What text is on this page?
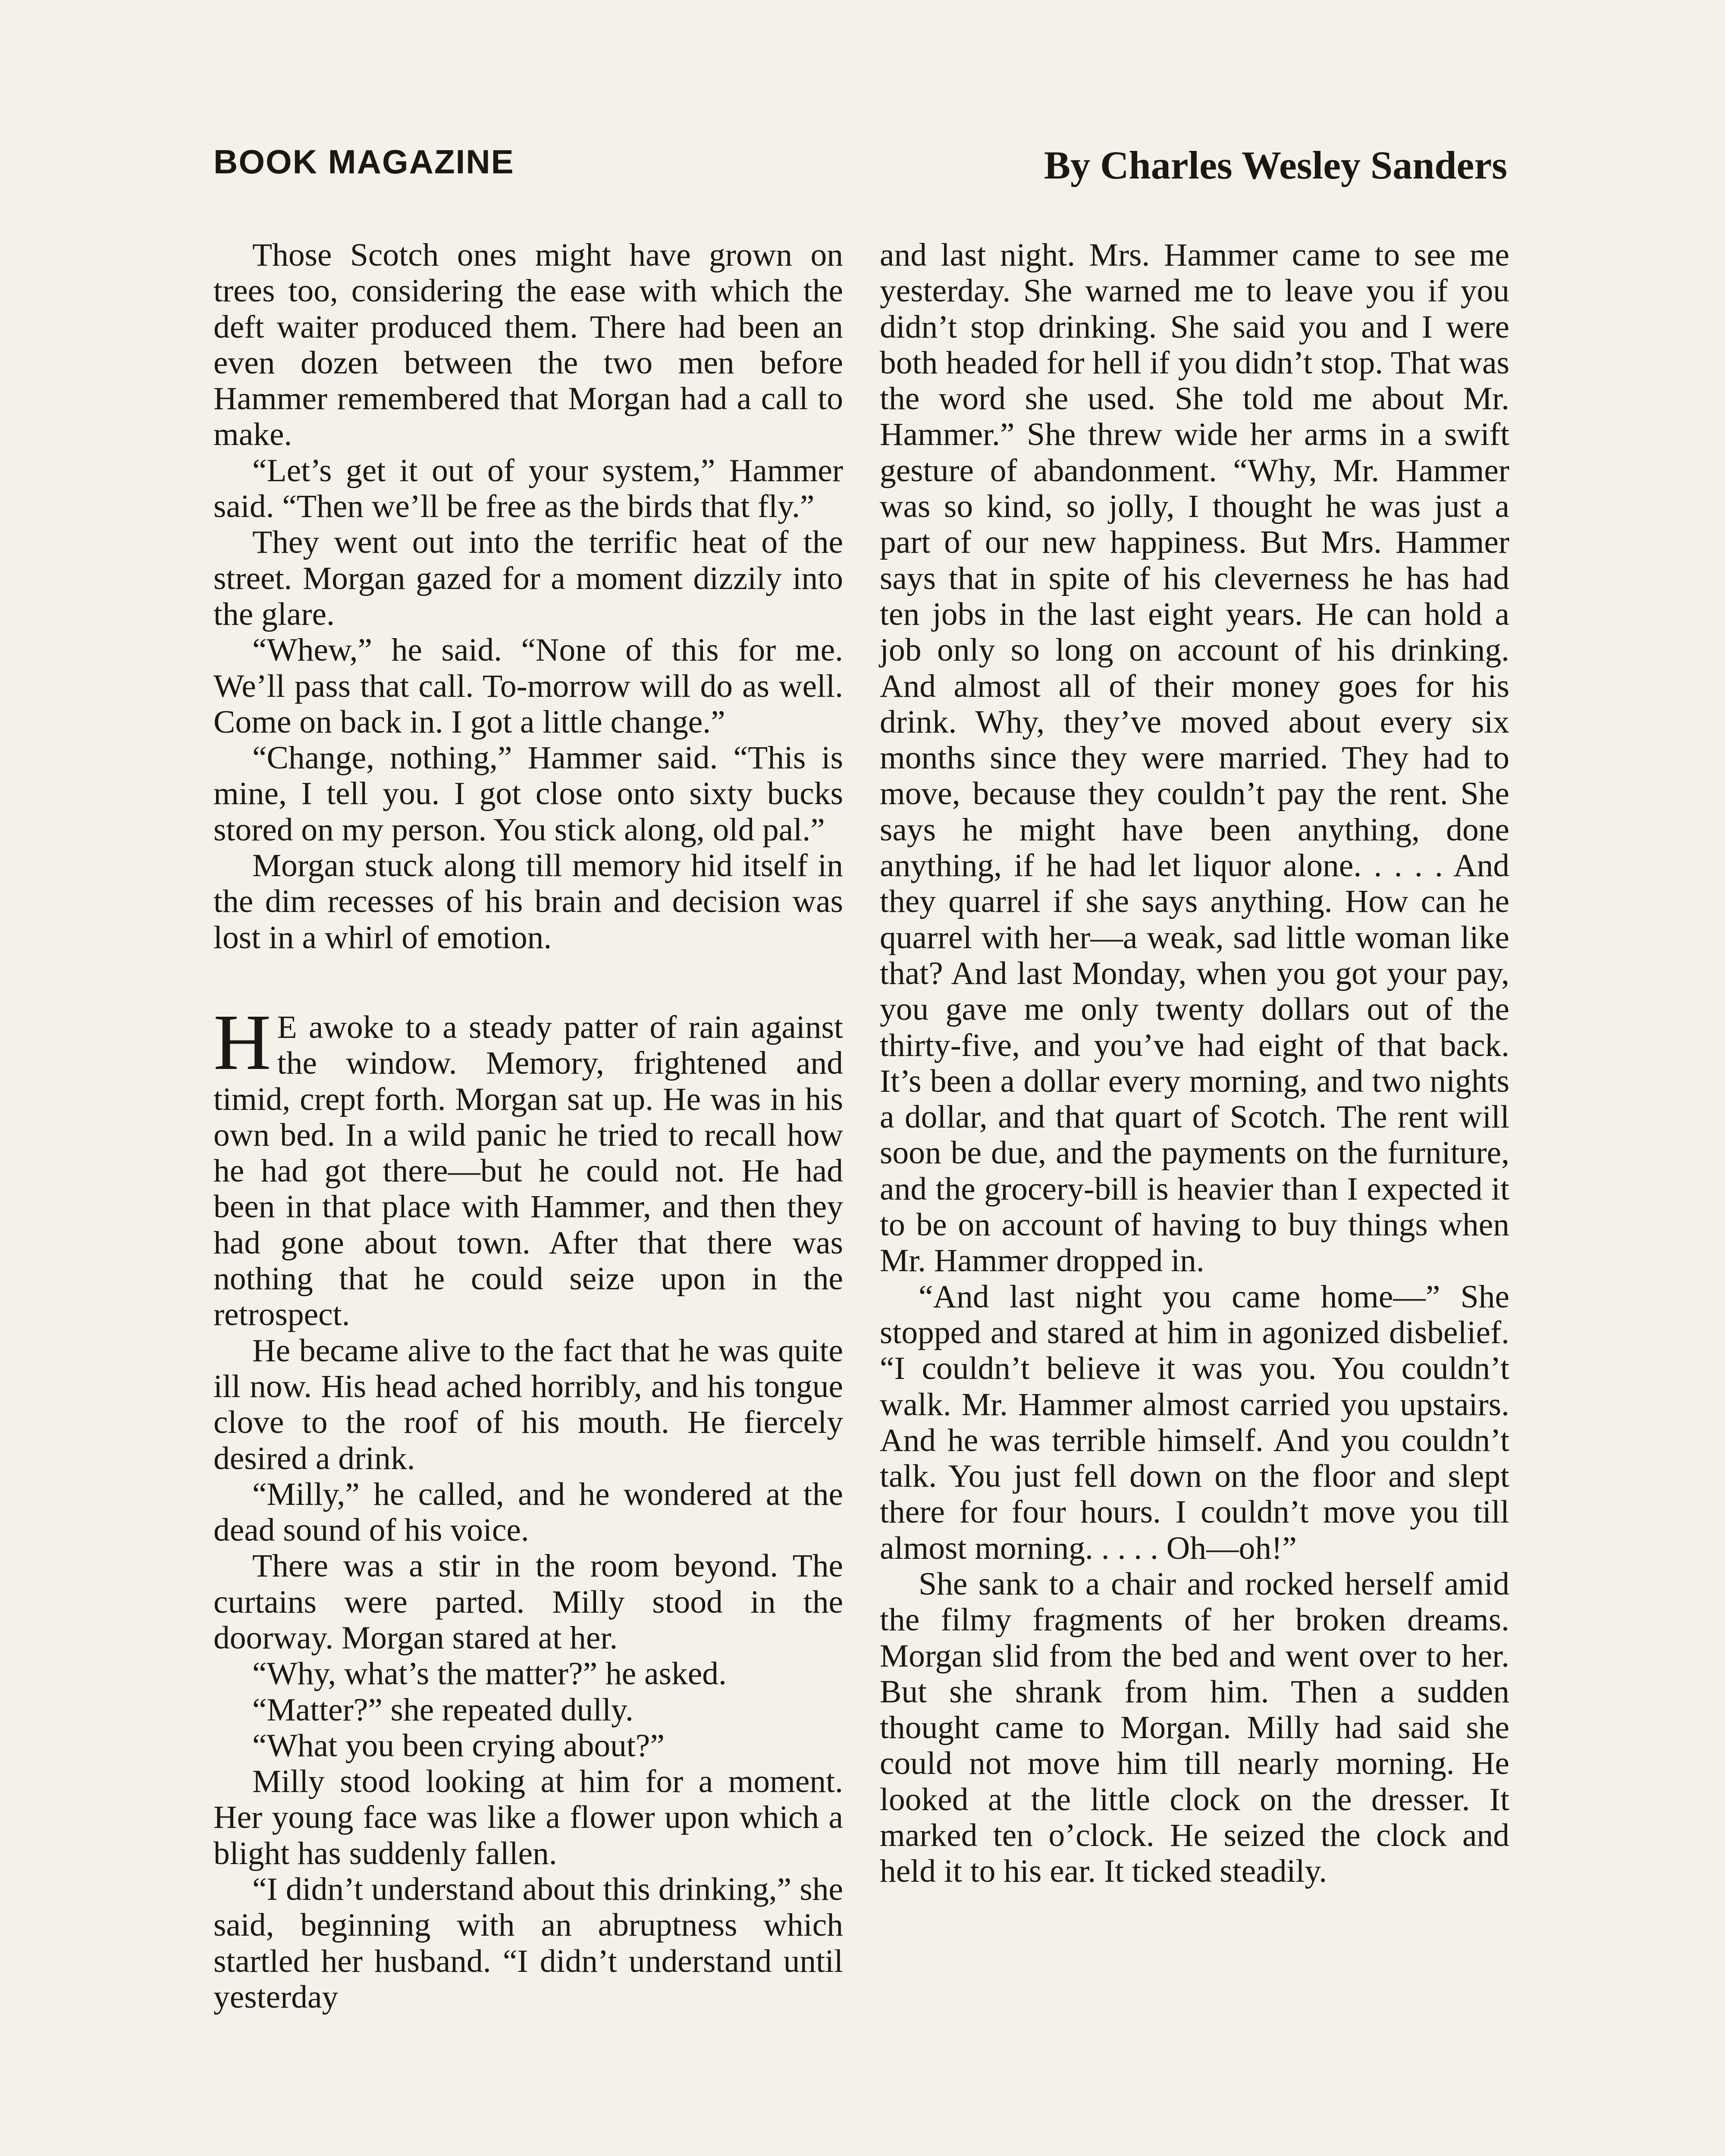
BOOK MAGAZINE	By Charles Wesley Sanders

Those Scotch ones might have grown on trees too, considering the ease with which the deft waiter produced them. There had been an even dozen between the two men before Hammer remembered that Morgan had a call to make.

“Let’s get it out of your system,” Hammer said. “Then we’ll be free as the birds that fly.”

They went out into the terrific heat of the street. Morgan gazed for a moment dizzily into the glare.

“Whew,” he said. “None of this for me. We’ll pass that call. To-morrow will do as well. Come on back in. I got a little change.”

“Change, nothing,” Hammer said. “This is mine, I tell you. I got close onto sixty bucks stored on my person. You stick along, old pal.”

Morgan stuck along till memory hid itself in the dim recesses of his brain and decision was lost in a whirl of emotion.

H E awoke to a steady patter of rain against the window. Memory, frightened and timid, crept forth. Morgan sat up. He was in his own bed. In a wild panic he tried to recall how he had got there—but he could not. He had been in that place with Hammer, and then they had gone about town. After that there was nothing that he could seize upon in the retrospect.

He became alive to the fact that he was quite ill now. His head ached horribly, and his tongue clove to the roof of his mouth. He fiercely desired a drink.

“Milly,” he called, and he wondered at the dead sound of his voice.

There was a stir in the room beyond. The curtains were parted. Milly stood in the doorway. Morgan stared at her.

“Why, what’s the matter?” he asked.

“Matter?” she repeated dully.

“What you been crying about?”

Milly stood looking at him for a moment. Her young face was like a flower upon which a blight has suddenly fallen.

“I didn’t understand about this drinking,” she said, beginning with an abruptness which startled her husband. “I didn’t understand until yesterday

and last night. Mrs. Hammer came to see me yesterday. She warned me to leave you if you didn’t stop drinking. She said you and I were both headed for hell if you didn’t stop. That was the word she used. She told me about Mr. Hammer.” She threw wide her arms in a swift gesture of abandonment. “Why, Mr. Hammer was so kind, so jolly, I thought he was just a part of our new happiness. But Mrs. Hammer says that in spite of his cleverness he has had ten jobs in the last eight years. He can hold a job only so long on account of his drinking. And almost all of their money goes for his drink. Why, they’ve moved about every six months since they were married. They had to move, because they couldn’t pay the rent. She says he might have been anything, done anything, if he had let liquor alone. . . . . And they quarrel if she says anything. How can he quarrel with her—a weak, sad little woman like that? And last Monday, when you got your pay, you gave me only twenty dollars out of the thirty-five, and you’ve had eight of that back. It’s been a dollar every morning, and two nights a dollar, and that quart of Scotch. The rent will soon be due, and the payments on the furniture, and the grocery-bill is heavier than I expected it to be on account of having to buy things when Mr. Hammer dropped in.

“And last night you came home—” She stopped and stared at him in agonized disbelief. “I couldn’t believe it was you. You couldn’t walk. Mr. Hammer almost carried you upstairs. And he was terrible himself. And you couldn’t talk. You just fell down on the floor and slept there for four hours. I couldn’t move you till almost morning. . . . . Oh—oh!”

She sank to a chair and rocked herself amid the filmy fragments of her broken dreams. Morgan slid from the bed and went over to her. But she shrank from him. Then a sudden thought came to Morgan. Milly had said she could not move him till nearly morning. He looked at the little clock on the dresser. It marked ten o’clock. He seized the clock and held it to his ear. It ticked steadily.
